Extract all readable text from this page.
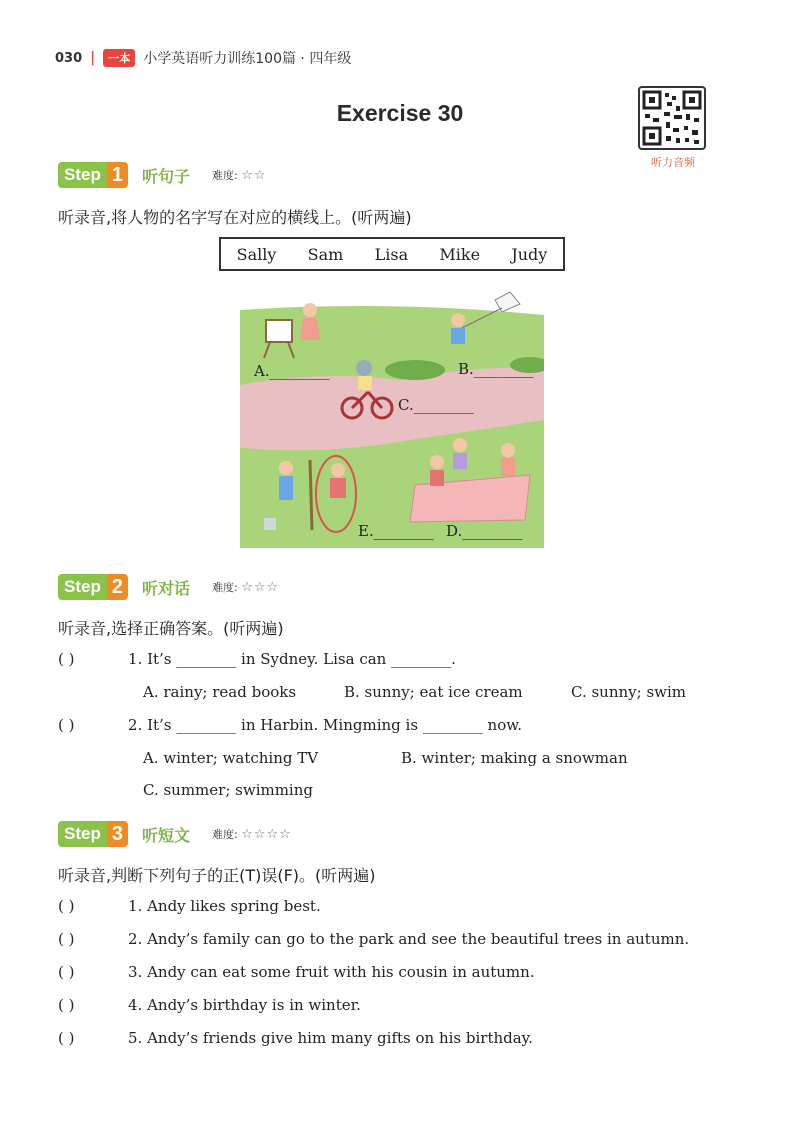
030 |	一本 小学英语听力训练100篇 · 四年级
Exercise 30
听力音频
Step 1	听句子 难度: ☆☆
听录音,将人物的名字写在对应的横线上。(听两遍)
Sally Sam Lisa Mike Judy
A.________	B.________
C.________
E.________ D.________
Step 2	听对话 难度: ☆☆☆
听录音,选择正确答案。(听两遍)
( )	1. It’s ________ in Sydney. Lisa can ________.
A. rainy; read books	B. sunny; eat ice cream	C. sunny; swim
( )	2. It’s ________ in Harbin. Mingming is ________ now.
A. winter; watching TV	B. winter; making a snowman
C. summer; swimming
Step 3	听短文 难度: ☆☆☆☆
听录音,判断下列句子的正(T)误(F)。(听两遍)
( )	1. Andy likes spring best.
( )	2. Andy’s family can go to the park and see the beautiful trees in autumn.
( )	3. Andy can eat some fruit with his cousin in autumn.
( )	4. Andy’s birthday is in winter.
( )	5. Andy’s friends give him many gifts on his birthday.
